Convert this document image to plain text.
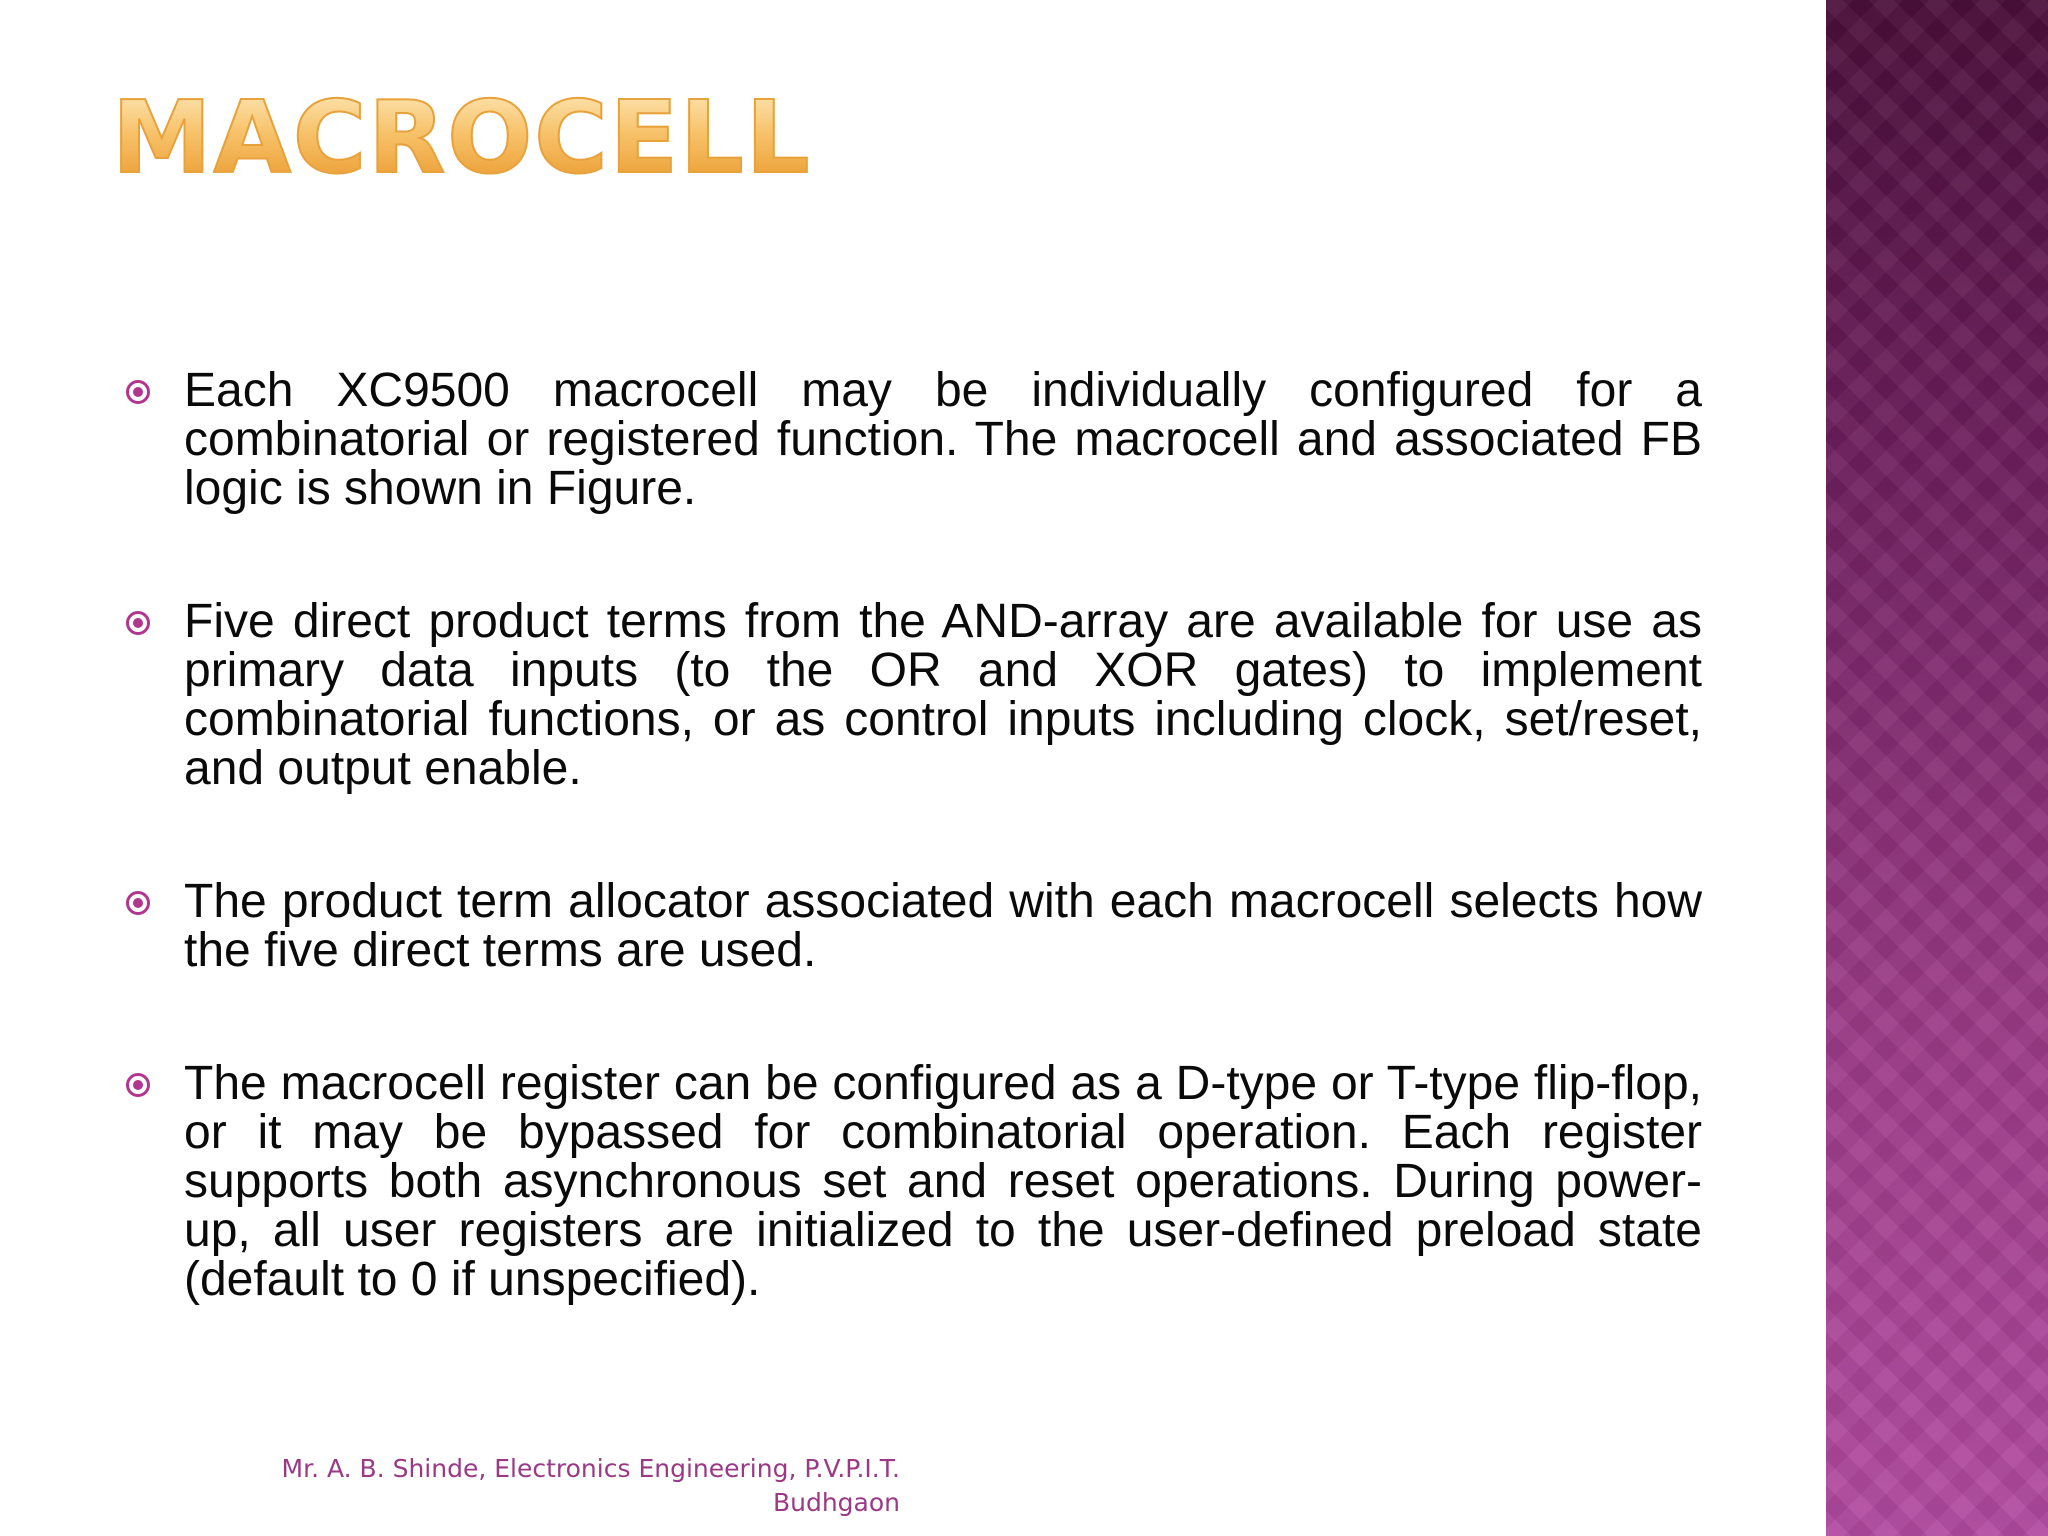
MACROCELL
Each XC9500 macrocell may be individually configured for a combinatorial or registered function. The macrocell and associated FB logic is shown in Figure.
Five direct product terms from the AND-array are available for use as primary data inputs (to the OR and XOR gates) to implement combinatorial functions, or as control inputs including clock, set/reset, and output enable.
The product term allocator associated with each macrocell selects how the five direct terms are used.
The macrocell register can be configured as a D-type or T-type flip-flop, or it may be bypassed for combinatorial operation. Each register supports both asynchronous set and reset operations. During power-up, all user registers are initialized to the user-defined preload state (default to 0 if unspecified).
Mr. A. B. Shinde, Electronics Engineering, P.V.P.I.T. Budhgaon
